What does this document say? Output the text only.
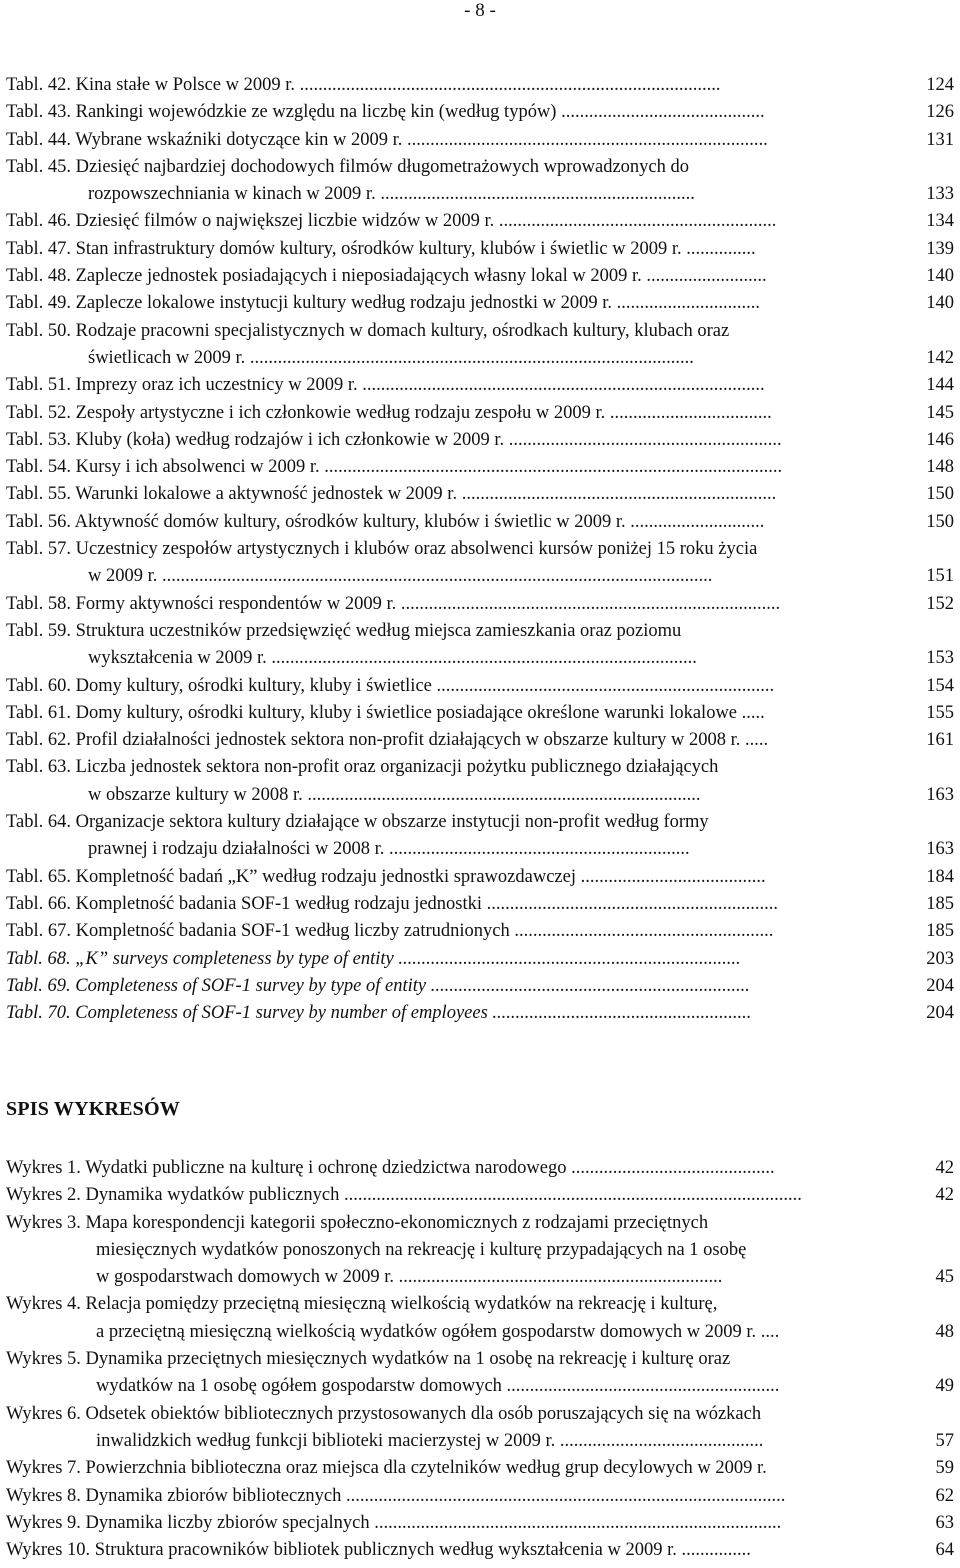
- 8 -
Tabl. 42. Kina stałe w Polsce w 2009 r. ...........................................................................................	124
Tabl. 43. Rankingi wojewódzkie ze względu na liczbę kin (według typów) ............................................	126
Tabl. 44. Wybrane wskaźniki dotyczące kin w 2009 r. ..............................................................................	131
Tabl. 45. Dziesięć najbardziej dochodowych filmów długometrażowych wprowadzonych do
rozpowszechniania w kinach w 2009 r. ....................................................................	133
Tabl. 46. Dziesięć filmów o największej liczbie widzów w 2009 r. ............................................................	134
Tabl. 47. Stan infrastruktury domów kultury, ośrodków kultury, klubów i świetlic w 2009 r. ...............	139
Tabl. 48. Zaplecze jednostek posiadających i nieposiadających własny lokal w 2009 r. ..........................	140
Tabl. 49. Zaplecze lokalowe instytucji kultury według rodzaju jednostki w 2009 r. ...............................	140
Tabl. 50. Rodzaje pracowni specjalistycznych w domach kultury, ośrodkach kultury, klubach oraz
świetlicach w 2009 r. ................................................................................................	142
Tabl. 51. Imprezy oraz ich uczestnicy w 2009 r. .......................................................................................	144
Tabl. 52. Zespoły artystyczne i ich członkowie według rodzaju zespołu w 2009 r. ...................................	145
Tabl. 53. Kluby (koła) według rodzajów i ich członkowie w 2009 r. ...........................................................	146
Tabl. 54. Kursy i ich absolwenci w 2009 r. ...................................................................................................	148
Tabl. 55. Warunki lokalowe a aktywność jednostek w 2009 r. ....................................................................	150
Tabl. 56. Aktywność domów kultury, ośrodków kultury, klubów i świetlic w 2009 r. .............................	150
Tabl. 57. Uczestnicy zespołów artystycznych i klubów oraz absolwenci kursów poniżej 15 roku życia
w 2009 r. .......................................................................................................................	151
Tabl. 58. Formy aktywności respondentów w 2009 r. ..................................................................................	152
Tabl. 59. Struktura uczestników przedsięwzięć według miejsca zamieszkania oraz poziomu
wykształcenia w 2009 r. ............................................................................................	153
Tabl. 60. Domy kultury, ośrodki kultury, kluby i świetlice .........................................................................	154
Tabl. 61. Domy kultury, ośrodki kultury, kluby i świetlice posiadające określone warunki lokalowe .....	155
Tabl. 62. Profil działalności jednostek sektora non-profit działających w obszarze kultury w 2008 r. .....	161
Tabl. 63. Liczba jednostek sektora non-profit oraz organizacji pożytku publicznego działających
w obszarze kultury w 2008 r. .....................................................................................	163
Tabl. 64. Organizacje sektora kultury działające w obszarze instytucji non-profit według formy
prawnej i rodzaju działalności w 2008 r. .................................................................	163
Tabl. 65. Kompletność badań „K” według rodzaju jednostki sprawozdawczej ........................................	184
Tabl. 66. Kompletność badania SOF-1 według rodzaju jednostki ...............................................................	185
Tabl. 67. Kompletność badania SOF-1 według liczby zatrudnionych ........................................................	185
Tabl. 68. „K” surveys completeness by type of entity ..........................................................................	203
Tabl. 69. Completeness of SOF-1 survey by type of entity .....................................................................	204
Tabl. 70. Completeness of SOF-1 survey by number of employees ........................................................	204
SPIS WYKRESÓW
Wykres 1. Wydatki publiczne na kulturę i ochronę dziedzictwa narodowego ............................................	42
Wykres 2. Dynamika wydatków publicznych ...................................................................................................	42
Wykres 3. Mapa korespondencji kategorii społeczno-ekonomicznych z rodzajami przeciętnych
miesięcznych wydatków ponoszonych na rekreację i kulturę przypadających na 1 osobę
w gospodarstwach domowych w 2009 r. ......................................................................	45
Wykres 4. Relacja pomiędzy przeciętną miesięczną wielkością wydatków na rekreację i kulturę,
a przeciętną miesięczną wielkością wydatków ogółem gospodarstw domowych w 2009 r. ....	48
Wykres 5. Dynamika przeciętnych miesięcznych wydatków na 1 osobę na rekreację i kulturę oraz
wydatków na 1 osobę ogółem gospodarstw domowych ...........................................................	49
Wykres 6. Odsetek obiektów bibliotecznych przystosowanych dla osób poruszających się na wózkach
inwalidzkich według funkcji biblioteki macierzystej w 2009 r. ............................................	57
Wykres 7. Powierzchnia biblioteczna oraz miejsca dla czytelników według grup decylowych w 2009 r.	59
Wykres 8. Dynamika zbiorów bibliotecznych ...............................................................................................	62
Wykres 9. Dynamika liczby zbiorów specjalnych ........................................................................................	63
Wykres 10. Struktura pracowników bibliotek publicznych według wykształcenia w 2009 r. ...............	64
